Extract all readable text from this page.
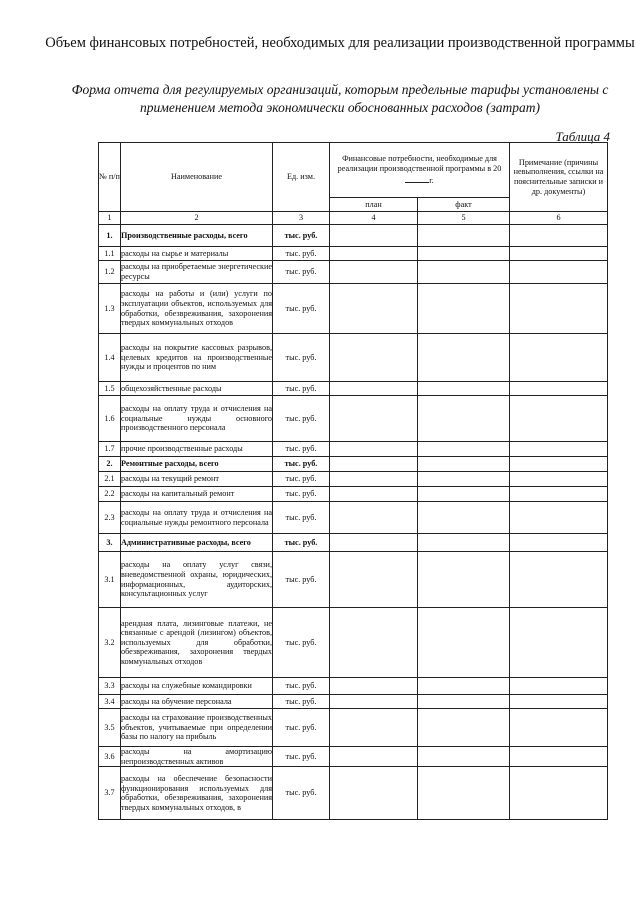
Объем финансовых потребностей, необходимых для реализации производственной программы
Форма отчета для регулируемых организаций, которым предельные тарифы установлены с применением метода экономически обоснованных расходов (затрат)
Таблица 4
№ п/п	Наименование	Ед. изм.	Финансовые потребности, необходимые для реализации производственной программы в 20г.		Примечание (причины невыполнения, ссылки на пояснительные записки и др. документы)
			план	факт	
1	2	3	4	5	6
1.	Производственные расходы, всего	тыс. руб.			
1.1	расходы на сырье и материалы	тыс. руб.			
1.2	расходы на приобретаемые энергетические ресурсы	тыс. руб.			
1.3	расходы на работы и (или) услуги по эксплуатации объектов, используемых для обработки, обезвреживания, захоронения твердых коммунальных отходов	тыс. руб.			
1.4	расходы на покрытие кассовых разрывов, целевых кредитов на производственные нужды и процентов по ним	тыс. руб.			
1.5	общехозяйственные расходы	тыс. руб.			
1.6	расходы на оплату труда и отчисления на социальные нужды основного производственного персонала	тыс. руб.			
1.7	прочие производственные расходы	тыс. руб.			
2.	Ремонтные расходы, всего	тыс. руб.			
2.1	расходы на текущий ремонт	тыс. руб.			
2.2	расходы на капитальный ремонт	тыс. руб.			
2.3	расходы на оплату труда и отчисления на социальные нужды ремонтного персонала	тыс. руб.			
3.	Административные расходы, всего	тыс. руб.			
3.1	расходы на оплату услуг связи, вневедомственной охраны, юридических, информационных, аудиторских, консультационных услуг	тыс. руб.			
3.2	арендная плата, лизинговые платежи, не связанные с арендой (лизингом) объектов, используемых для обработки, обезвреживания, захоронения твердых коммунальных отходов	тыс. руб.			
3.3	расходы на служебные командировки	тыс. руб.			
3.4	расходы на обучение персонала	тыс. руб.			
3.5	расходы на страхование производственных объектов, учитываемые при определении базы по налогу на прибыль	тыс. руб.			
3.6	расходы на амортизацию непроизводственных активов	тыс. руб.			
3.7	расходы на обеспечение безопасности функционирования используемых для обработки, обезвреживания, захоронения твердых коммунальных отходов, в	тыс. руб.			
